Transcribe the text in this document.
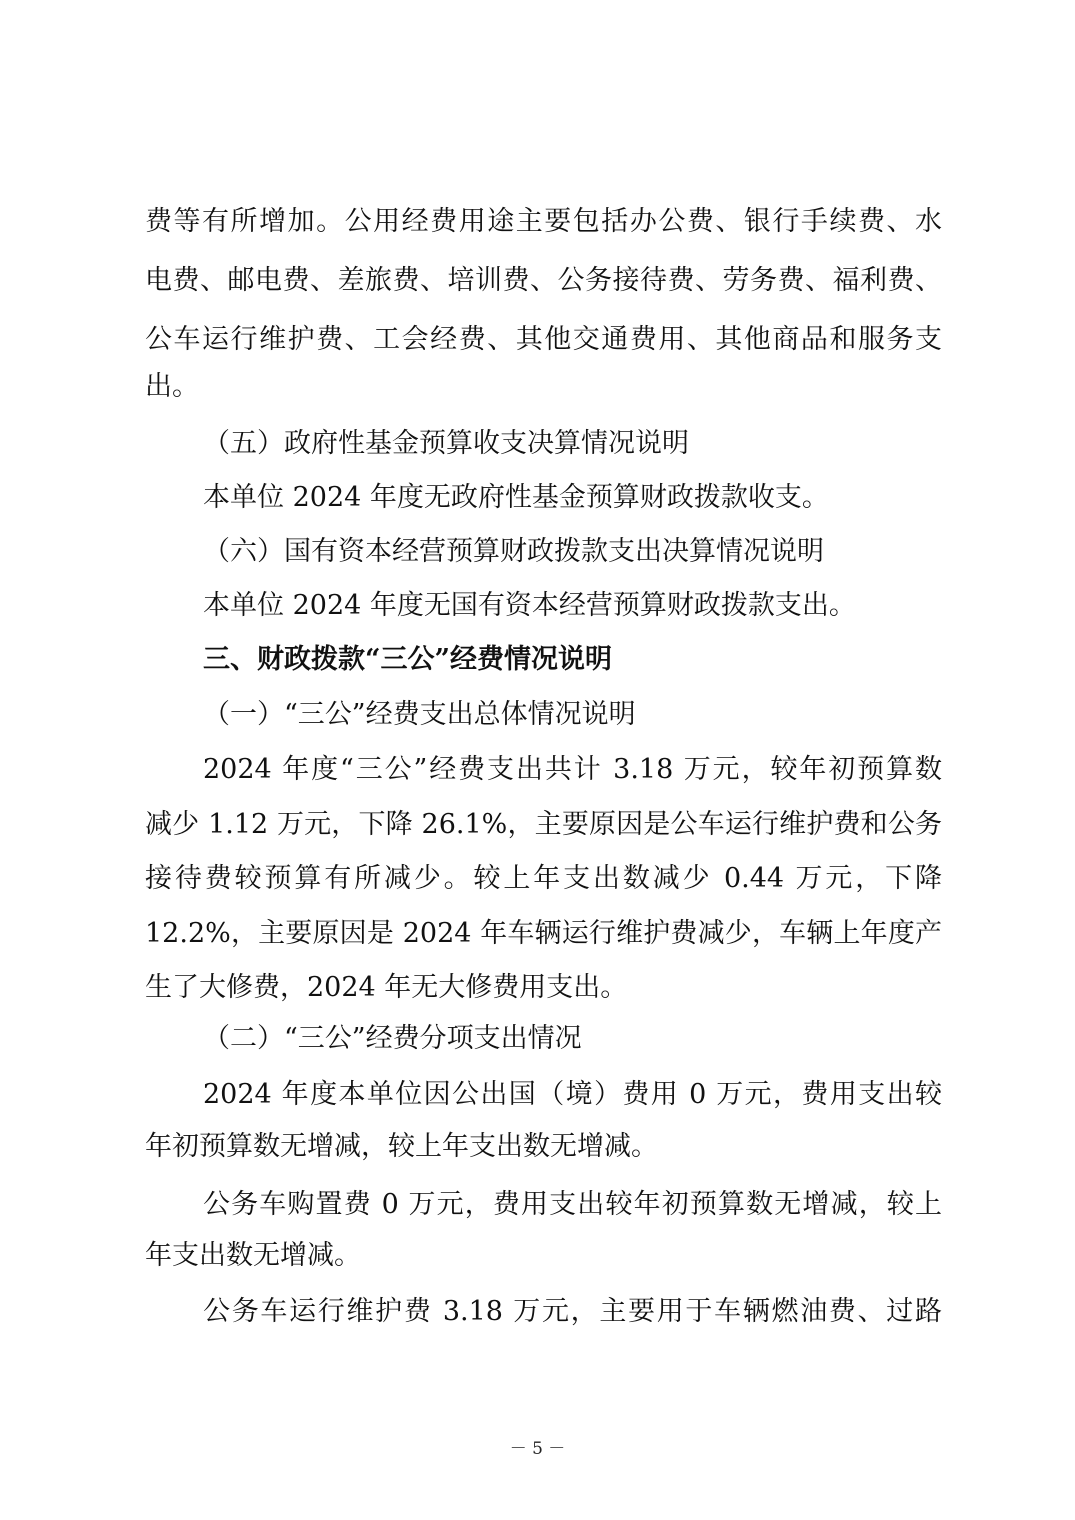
费等有所增加。公用经费用途主要包括办公费、银行手续费、水
电费、邮电费、差旅费、培训费、公务接待费、劳务费、福利费、
公车运行维护费、工会经费、其他交通费用、其他商品和服务支
出。
（五）政府性基金预算收支决算情况说明
本单位 2024 年度无政府性基金预算财政拨款收支。
（六）国有资本经营预算财政拨款支出决算情况说明
本单位 2024 年度无国有资本经营预算财政拨款支出。
三、财政拨款“三公”经费情况说明
（一）“三公”经费支出总体情况说明
2024 年度“三公”经费支出共计 3.18 万元，较年初预算数
减少 1.12 万元，下降 26.1%，主要原因是公车运行维护费和公务
接待费较预算有所减少。较上年支出数减少 0.44 万元，下降
12.2%，主要原因是 2024 年车辆运行维护费减少，车辆上年度产
生了大修费，2024 年无大修费用支出。
（二）“三公”经费分项支出情况
2024 年度本单位因公出国（境）费用 0 万元，费用支出较
年初预算数无增减，较上年支出数无增减。
公务车购置费 0 万元，费用支出较年初预算数无增减，较上
年支出数无增减。
公务车运行维护费 3.18 万元，主要用于车辆燃油费、过路
－ 5 －
